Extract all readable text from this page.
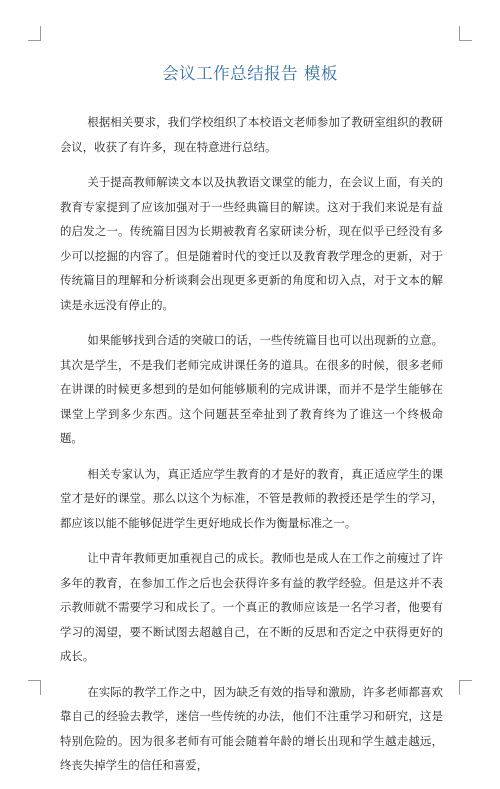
会议工作总结报告 模板

根据相关要求，我们学校组织了本校语文老师参加了教研室组织的教研会议，收获了有许多，现在特意进行总结。

关于提高教师解读文本以及执教语文课堂的能力，在会议上面，有关的教育专家提到了应该加强对于一些经典篇目的解读。这对于我们来说是有益的启发之一。传统篇目因为长期被教育名家研读分析，现在似乎已经没有多少可以挖掘的内容了。但是随着时代的变迁以及教育教学理念的更新，对于传统篇目的理解和分析谈剩会出现更多更新的角度和切入点，对于文本的解读是永远没有停止的。

如果能够找到合适的突破口的话，一些传统篇目也可以出现新的立意。其次是学生，不是我们老师完成讲课任务的道具。在很多的时候，很多老师在讲课的时候更多想到的是如何能够顺利的完成讲课，而并不是学生能够在课堂上学到多少东西。这个问题甚至牵扯到了教育终为了谁这一个终极命题。

相关专家认为，真正适应学生教育的才是好的教育，真正适应学生的课堂才是好的课堂。那么以这个为标准，不管是教师的教授还是学生的学习，都应该以能不能够促进学生更好地成长作为衡量标准之一。

让中青年教师更加重视自己的成长。教师也是成人在工作之前瘦过了许多年的教育，在参加工作之后也会获得许多有益的教学经验。但是这并不表示教师就不需要学习和成长了。一个真正的教师应该是一名学习者，他要有学习的渴望，要不断试图去超越自己，在不断的反思和否定之中获得更好的成长。

在实际的教学工作之中，因为缺乏有效的指导和激励，许多老师都喜欢靠自己的经验去教学，迷信一些传统的办法，他们不注重学习和研究，这是特别危险的。因为很多老师有可能会随着年龄的增长出现和学生越走越远，终丧失掉学生的信任和喜爱，
